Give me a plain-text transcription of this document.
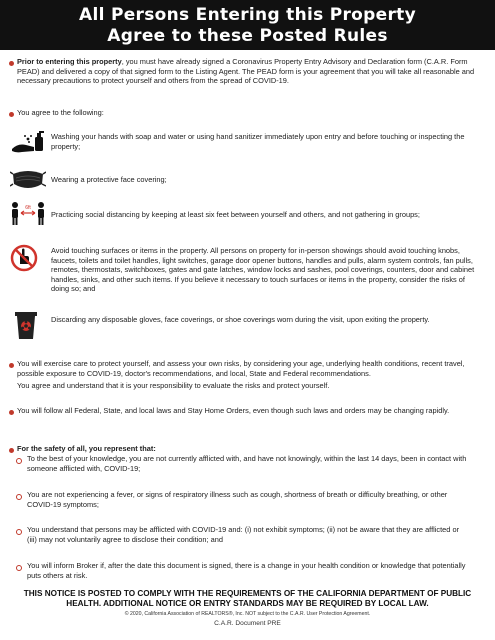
All Persons Entering this Property
Agree to these Posted Rules
Prior to entering this property, you must have already signed a Coronavirus Property Entry Advisory and Declaration form (C.A.R. Form PEAD) and delivered a copy of that signed form to the Listing Agent. The PEAD form is your agreement that you will take all reasonable and necessary precautions to protect yourself and others from the spread of COVID-19.
You agree to the following:
Washing your hands with soap and water or using hand sanitizer immediately upon entry and before touching or inspecting the property;
Wearing a protective face covering;
6ft
Practicing social distancing by keeping at least six feet between yourself and others, and not gathering in groups;
Avoid touching surfaces or items in the property. All persons on property for in-person showings should avoid touching knobs, faucets, toilets and toilet handles, light switches, garage door opener buttons, handles and pulls, alarm system controls, fan pulls, remotes, thermostats, switchboxes, gates and gate latches, window locks and sashes, pool coverings, counters, door and cabinet handles, sinks, and other such items. If you believe it necessary to touch surfaces or items in the property, consider the risks of doing so; and
Discarding any disposable gloves, face coverings, or shoe coverings worn during the visit, upon exiting the property.
You will exercise care to protect yourself, and assess your own risks, by considering your age, underlying health conditions, recent travel, possible exposure to COVID-19, doctor's recommendations, and local, State and Federal recommendations.
You agree and understand that it is your responsibility to evaluate the risks and protect yourself.
You will follow all Federal, State, and local laws and Stay Home Orders, even though such laws and orders may be changing rapidly.
For the safety of all, you represent that:
To the best of your knowledge, you are not currently afflicted with, and have not knowingly, within the last 14 days, been in contact with someone afflicted with, COVID-19;
You are not experiencing a fever, or signs of respiratory illness such as cough, shortness of breath or difficulty breathing, or other COVID-19 symptoms;
You understand that persons may be afflicted with COVID-19 and: (i) not exhibit symptoms; (ii) not be aware that they are afflicted or (iii) may not voluntarily agree to disclose their condition; and
You will inform Broker if, after the date this document is signed, there is a change in your health condition or knowledge that potentially puts others at risk.
THIS NOTICE IS POSTED TO COMPLY WITH THE REQUIREMENTS OF THE CALIFORNIA DEPARTMENT OF PUBLIC HEALTH. ADDITIONAL NOTICE OR ENTRY STANDARDS MAY BE REQUIRED BY LOCAL LAW.
© 2020, California Association of REALTORS®, Inc. NOT subject to the C.A.R. User Protection Agreement.
C.A.R. Document PRE
